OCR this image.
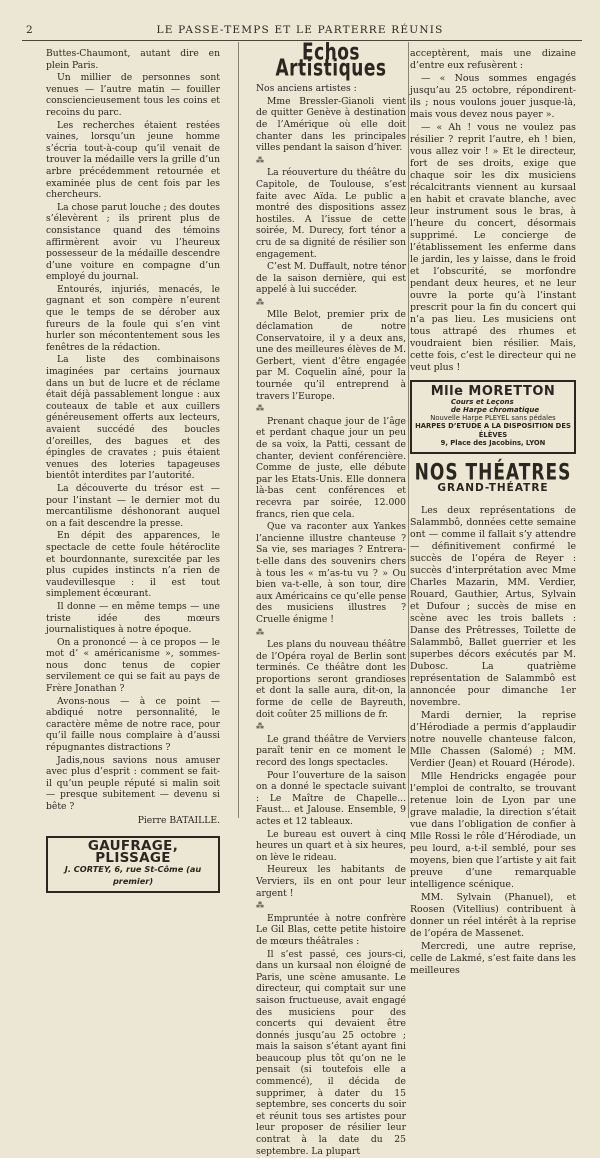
2	LE PASSE-TEMPS ET LE PARTERRE RÉUNIS

Buttes-Chaumont, autant dire en plein Paris.

Un millier de personnes sont venues — l’autre matin — fouiller consciencieusement tous les coins et recoins du parc.

Les recherches étaient restées vaines, lorsqu’un jeune homme s’écria tout-à-coup qu’il venait de trouver la médaille vers la grille d’un arbre précédemment retournée et examinée plus de cent fois par les chercheurs.

La chose parut louche ; des doutes s’élevèrent ; ils prirent plus de consistance quand des témoins affirmèrent avoir vu l’heureux possesseur de la médaille descendre d’une voiture en compagne d’un employé du journal.

Entourés, injuriés, menacés, le gagnant et son compère n’eurent que le temps de se dérober aux fureurs de la foule qui s’en vint hurler son mécontentement sous les fenêtres de la rédaction.

La liste des combinaisons imaginées par certains journaux dans un but de lucre et de réclame était déjà passablement longue : aux couteaux de table et aux cuillers généreusement offerts aux lecteurs, avaient succédé des boucles d’oreilles, des bagues et des épingles de cravates ; puis étaient venues des loteries tapageuses bientôt interdites par l’autorité.

La découverte du trésor est — pour l’instant — le dernier mot du mercantilisme déshonorant auquel on a fait descendre la presse.

En dépit des apparences, le spectacle de cette foule hétéroclite et bourdonnante, surexcitée par les plus cupides instincts n’a rien de vaudevillesque : il est tout simplement écœurant.

Il donne — en même temps — une triste idée des mœurs journalistiques à notre époque.

On a prononcé — à ce propos — le mot d’ « américanisme », sommes-nous donc tenus de copier servilement ce qui se fait au pays de Frère Jonathan ?

Avons-nous — à ce point — abdiqué notre personnalité, le caractère même de notre race, pour qu’il faille nous complaire à d’aussi répugnantes distractions ?

Jadis,nous savions nous amuser avec plus d’esprit : comment se fait-il qu’un peuple réputé si malin soit — presque subitement — devenu si bête ?

Pierre BATAILLE.

GAUFRAGE, PLISSAGE
J. CORTEY, 6, rue St-Côme (au premier)
Echos Artistiques

Nos anciens artistes :

Mme Bressler-Gianoli vient de quitter Genève à destination de l’Amérique où elle doit chanter dans les principales villes pendant la saison d’hiver.

⁂

La réouverture du théâtre du Capitole, de Toulouse, s’est faite avec Aïda. Le public a montré des dispositions assez hostiles. A l’issue de cette soirée, M. Durecy, fort ténor a cru de sa dignité de résilier son engagement.

C’est M. Duffault, notre ténor de la saison dernière, qui est appelé à lui succéder.

⁂

Mlle Belot, premier prix de déclamation de notre Conservatoire, il y a deux ans, une des meilleures élèves de M. Gerbert, vient d’être engagée par M. Coquelin aîné, pour la tournée qu’il entreprend à travers l’Europe.

⁂

Prenant chaque jour de l’âge et perdant chaque jour un peu de sa voix, la Patti, cessant de chanter, devient conférencière. Comme de juste, elle débute par les Etats-Unis. Elle donnera là-bas cent conférences et recevra par soirée, 12.000 francs, rien que cela.

Que va raconter aux Yankes l’ancienne illustre chanteuse ? Sa vie, ses mariages ? Entrera-t-elle dans des souvenirs chers à tous les « m’as-tu vu ? » Ou bien va-t-elle, à son tour, dire aux Américains ce qu’elle pense des musiciens illustres ? Cruelle énigme !

⁂

Les plans du nouveau théâtre de l’Opéra royal de Berlin sont terminés. Ce théâtre dont les proportions seront grandioses et dont la salle aura, dit-on, la forme de celle de Bayreuth, doit coûter 25 millions de fr.

⁂

Le grand théâtre de Verviers paraît tenir en ce moment le record des longs spectacles.

Pour l’ouverture de la saison on a donné le spectacle suivant : Le Maître de Chapelle... Faust... et Jalouse. Ensemble, 9 actes et 12 tableaux.

Le bureau est ouvert à cinq heures un quart et à six heures, on lève le rideau.

Heureux les habitants de Verviers, ils en ont pour leur argent !

⁂

Empruntée à notre confrère Le Gil Blas, cette petite histoire de mœurs théâtrales :

Il s’est passé, ces jours-ci, dans un kursaal non éloigné de Paris, une scène amusante. Le directeur, qui comptait sur une saison fructueuse, avait engagé des musiciens pour des concerts qui devaient être donnés jusqu’au 25 octobre ; mais la saison s’étant ayant fini beaucoup plus tôt qu’on ne le pensait (si toutefois elle a commencé), il décida de supprimer, à dater du 15 septembre, ses concerts du soir et réunit tous ses artistes pour leur proposer de résilier leur contrat à la date du 25 septembre. La plupart

acceptèrent, mais une dizaine d’entre eux refusèrent :

— « Nous sommes engagés jusqu’au 25 octobre, répondirent-ils ; nous voulons jouer jusque-là, mais vous devez nous payer ».

— « Ah ! vous ne voulez pas résilier ? reprit l’autre, eh ! bien, vous allez voir ! » Et le directeur, fort de ses droits, exige que chaque soir les dix musiciens récalcitrants viennent au kursaal en habit et cravate blanche, avec leur instrument sous le bras, à l’heure du concert, désormais supprimé. Le concierge de l’établissement les enferme dans le jardin, les y laisse, dans le froid et l’obscurité, se morfondre pendant deux heures, et ne leur ouvre la porte qu’à l’instant prescrit pour la fin du concert qui n’a pas lieu. Les musiciens ont tous attrapé des rhumes et voudraient bien résilier. Mais, cette fois, c’est le directeur qui ne veut plus !

Mlle MORETTON Cours et Leçons
de Harpe chromatique
Nouvelle Harpe PLEYEL sans pédales
HARPES D’ETUDE A LA DISPOSITION DES ÉLÈVES
9, Place des Jacobins, LYON
NOS THÉATRES
GRAND-THÉATRE

Les deux représentations de Salammbô, données cette semaine ont — comme il fallait s’y attendre — définitivement confirmé le succès de l’opéra de Reyer : succès d’interprétation avec Mme Charles Mazarin, MM. Verdier, Rouard, Gauthier, Artus, Sylvain et Dufour ; succès de mise en scène avec les trois ballets : Danse des Prêtresses, Toilette de Salammbô, Ballet guerrier et les superbes décors exécutés par M. Dubosc. La quatrième représentation de Salammbô est annoncée pour dimanche 1er novembre.

Mardi dernier, la reprise d’Hérodiade a permis d’applaudir notre nouvelle chanteuse falcon, Mlle Chassen (Salomé) ; MM. Verdier (Jean) et Rouard (Hérode).

Mlle Hendricks engagée pour l’emploi de contralto, se trouvant retenue loin de Lyon par une grave maladie, la direction s’était vue dans l’obligation de confier à Mlle Rossi le rôle d’Hérodiade, un peu lourd, a-t-il semblé, pour ses moyens, bien que l’artiste y ait fait preuve d’une remarquable intelligence scénique.

MM. Sylvain (Phanuel), et Roosen (Vitellius) contribuent à donner un réel intérêt à la reprise de l’opéra de Massenet.

Mercredi, une autre reprise, celle de Lakmé, s’est faite dans les meilleures
